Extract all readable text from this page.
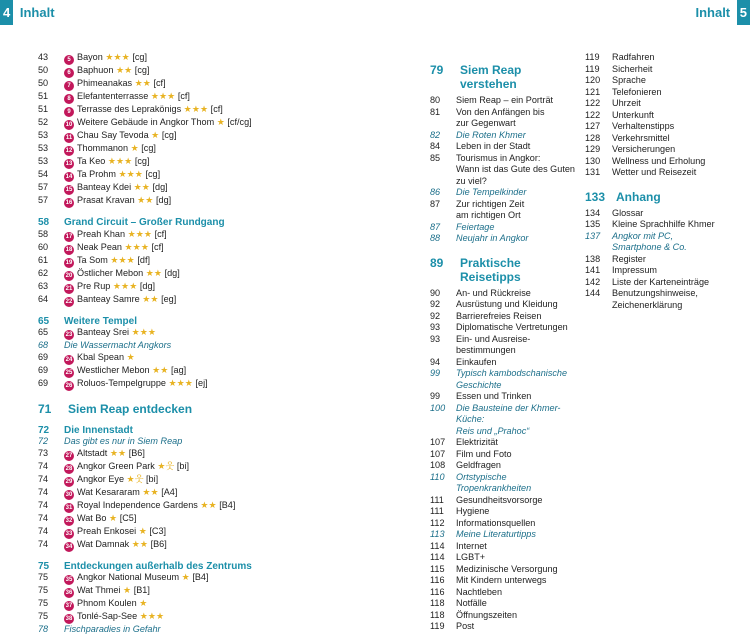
4 Inhalt	Inhalt 5
43	5 Bayon ★★★ [cg]
50	6 Baphuon ★★ [cg]
50	7 Phimeanakas ★★ [cf]
51	8 Elefantenterrasse ★★★ [cf]
51	9 Terrasse des Leprakönigs ★★★ [cf]
52	10 Weitere Gebäude in Angkor Thom ★ [cf/cg]
53	11 Chau Say Tevoda ★ [cg]
53	12 Thommanon ★ [cg]
53	13 Ta Keo ★★★ [cg]
54	14 Ta Prohm ★★★ [cg]
57	15 Banteay Kdei ★★ [dg]
57	16 Prasat Kravan ★★ [dg]
58	Grand Circuit – Großer Rundgang
58	17 Preah Khan ★★★ [cf]
60	18 Neak Pean ★★★ [cf]
61	19 Ta Som ★★★ [df]
62	20 Östlicher Mebon ★★ [dg]
63	21 Pre Rup ★★★ [dg]
64	22 Banteay Samre ★★ [eg]
65	Weitere Tempel
65	23 Banteay Srei ★★★
68	Die Wassermacht Angkors
69	24 Kbal Spean ★
69	25 Westlicher Mebon ★★ [ag]
69	26 Roluos-Tempelgruppe ★★★ [ej]
71	Siem Reap entdecken
72	Die Innenstadt
72	Das gibt es nur in Siem Reap
73	27 Altstadt ★★ [B6]
74	28 Angkor Green Park ★웃 [bi]
74	29 Angkor Eye ★웃 [bi]
74	30 Wat Kesararam ★★ [A4]
74	31 Royal Independence Gardens ★★ [B4]
74	32 Wat Bo ★ [C5]
74	33 Preah Enkosei ★ [C3]
74	34 Wat Damnak ★★ [B6]
75	Entdeckungen außerhalb des Zentrums
75	35 Angkor National Museum ★ [B4]
75	36 Wat Thmei ★ [B1]
75	37 Phnom Koulen ★
75	38 Tonlé-Sap-See ★★★
78	Fischparadies in Gefahr
79	Siem Reap verstehen
80	Siem Reap – ein Porträt
81	Von den Anfängen bis
zur Gegenwart
82	Die Roten Khmer
84	Leben in der Stadt
85	Tourismus in Angkor:
Wann ist das Gute des Guten
zu viel?
86	Die Tempelkinder
87	Zur richtigen Zeit
am richtigen Ort
87	Feiertage
88	Neujahr in Angkor
89	Praktische Reisetipps
90	An- und Rückreise
92	Ausrüstung und Kleidung
92	Barrierefreies Reisen
93	Diplomatische Vertretungen
93	Ein- und Ausreise-
bestimmungen
94	Einkaufen
99	Typisch kambodschanische
Geschichte
99	Essen und Trinken
100	Die Bausteine der Khmer-Küche:
Reis und „Prahoc“
107	Elektrizität
107	Film und Foto
108	Geldfragen
110	Ortstypische
Tropenkrankheiten
111	Gesundheitsvorsorge
111	Hygiene
112	Informationsquellen
113	Meine Literaturtipps
114	Internet
114	LGBT+
115	Medizinische Versorgung
116	Mit Kindern unterwegs
116	Nachtleben
118	Notfälle
118	Öffnungszeiten
119	Post
119	Radfahren
119	Sicherheit
120	Sprache
121	Telefonieren
122	Uhrzeit
122	Unterkunft
127	Verhaltenstipps
128	Verkehrsmittel
129	Versicherungen
130	Wellness und Erholung
131	Wetter und Reisezeit
133 Anhang
134	Glossar
135	Kleine Sprachhilfe Khmer
137	Angkor mit PC,
Smartphone & Co.
138	Register
141	Impressum
142	Liste der Karteneinträge
144	Benutzungshinweise,
Zeichenerklärung
